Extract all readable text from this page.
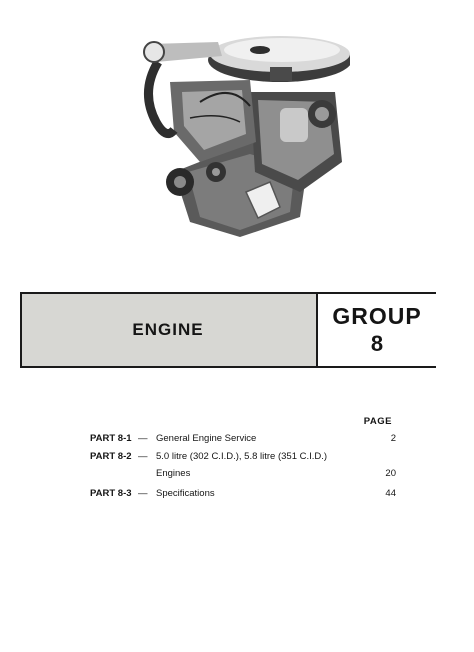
ENGINE
GROUP
8
PAGE
PART 8-1 — General Engine Service	2
PART 8-2 — 5.0 litre (302 C.I.D.), 5.8 litre (351 C.I.D.)
Engines	20
PART 8-3 — Specifications	44
